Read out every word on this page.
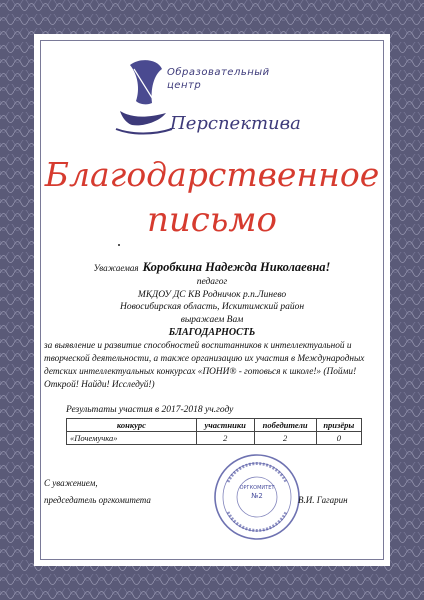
Образовательный
центр
Перспектива
Благодарственное
письмо
Уважаемая Коробкина Надежда Николаевна!
педагог
МКДОУ ДС КВ Родничок р.п.Линево
Новосибирская область, Искитимский район
выражаем Вам
БЛАГОДАРНОСТЬ
за выявление и развитие способностей воспитанников к интеллектуальной и
творческой деятельности, а также организацию их участия в Международных
детских интеллектуальных конкурсах «ПОНИ® - готовься к школе!» (Пойми!
Открой! Найди! Исследуй!)
Результаты участия в 2017-2018 уч.году
конкурс	участники	победители	призёры
«Почемучка»	2	2	0
ОРГКОМИТЕТ
№2
С уважением,
председатель оргкомитета	В.И. Гагарин
